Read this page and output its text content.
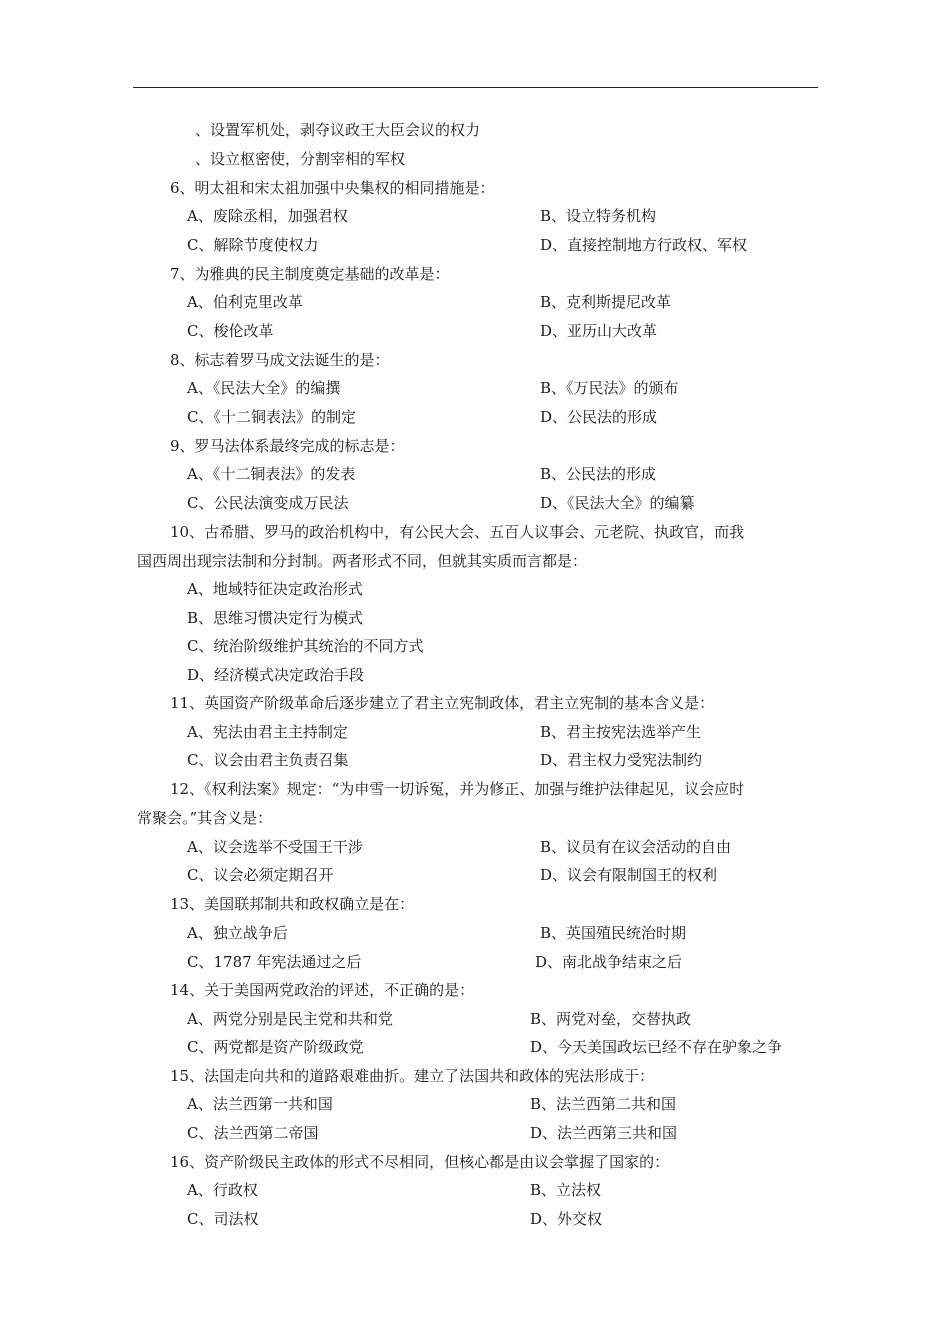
、设置军机处，剥夺议政王大臣会议的权力
、设立枢密使，分割宰相的军权
6、明太祖和宋太祖加强中央集权的相同措施是：
A、废除丞相，加强君权	B、设立特务机构
C、解除节度使权力	D、直接控制地方行政权、军权
7、为雅典的民主制度奠定基础的改革是：
A、伯利克里改革	B、克利斯提尼改革
C、梭伦改革	D、亚历山大改革
8、标志着罗马成文法诞生的是：
A、《民法大全》的编撰	B、《万民法》的颁布
C、《十二铜表法》的制定	D、公民法的形成
9、罗马法体系最终完成的标志是：
A、《十二铜表法》的发表	B、公民法的形成
C、公民法演变成万民法	D、《民法大全》的编纂
10、古希腊、罗马的政治机构中，有公民大会、五百人议事会、元老院、执政官，而我
国西周出现宗法制和分封制。两者形式不同，但就其实质而言都是：
A、地域特征决定政治形式
B、思维习惯决定行为模式
C、统治阶级维护其统治的不同方式
D、经济模式决定政治手段
11、英国资产阶级革命后逐步建立了君主立宪制政体，君主立宪制的基本含义是：
A、宪法由君主主持制定	B、君主按宪法选举产生
C、议会由君主负责召集	D、君主权力受宪法制约
12、《权利法案》规定：“为申雪一切诉冤，并为修正、加强与维护法律起见，议会应时
常聚会。”其含义是：
A、议会选举不受国王干涉	B、议员有在议会活动的自由
C、议会必须定期召开	D、议会有限制国王的权利
13、美国联邦制共和政权确立是在：
A、独立战争后	B、英国殖民统治时期
C、1787 年宪法通过之后	D、南北战争结束之后
14、关于美国两党政治的评述，不正确的是：
A、两党分别是民主党和共和党	B、两党对垒，交替执政
C、两党都是资产阶级政党	D、今天美国政坛已经不存在驴象之争
15、法国走向共和的道路艰难曲折。建立了法国共和政体的宪法形成于：
A、法兰西第一共和国	B、法兰西第二共和国
C、法兰西第二帝国	D、法兰西第三共和国
16、资产阶级民主政体的形式不尽相同，但核心都是由议会掌握了国家的：
A、行政权	B、立法权
C、司法权	D、外交权
